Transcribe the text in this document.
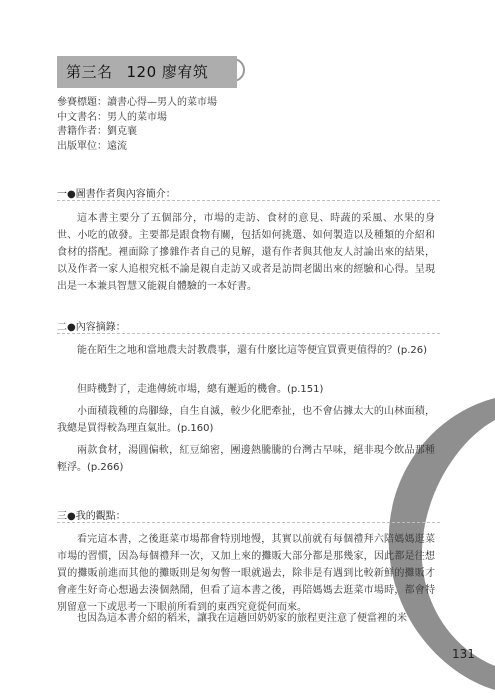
第三名 120 廖宥筑
參賽標題：讀書心得—男人的菜市場
中文書名：男人的菜市場
書籍作者：劉克襄
出版單位：遠流
一●圖書作者與內容簡介：
這本書主要分了五個部分，市場的走訪、食材的意見、時蔬的采風、水果的身世、小吃的啟發。主要都是跟食物有關，包括如何挑選、如何製造以及種類的介紹和食材的搭配。裡面除了摻雜作者自己的見解，還有作者與其他友人討論出來的結果，以及作者一家人追根究柢不論是親自走訪又或者是訪問老闆出來的經驗和心得。呈現出是一本兼具智慧又能親自體驗的一本好書。
二●內容摘錄：
能在陌生之地和當地農夫討教農事，還有什麼比這等便宜買賣更值得的？(p.26)
但時機對了，走進傳統市場，總有邂逅的機會。(p.151)
小面積栽種的烏腳綠，自生自滅，較少化肥牽扯，也不會佔據太大的山林面積，我總是買得較為理直氣壯。(p.160)
兩款食材，湯圓偏軟，紅豆綿密，團邊熱騰騰的台灣古早味，絕非現今飲品那種輕浮。(p.266)
三●我的觀點：
看完這本書，之後逛菜市場都會特別地慢，其實以前就有每個禮拜六陪媽媽逛菜市場的習慣，因為每個禮拜一次，又加上來的攤販大部分都是那幾家，因此都是往想買的攤販前進而其他的攤販則是匆匆瞥一眼就過去，除非是有遇到比較新鮮的攤販才會產生好奇心想過去湊個熱鬧，但看了這本書之後，再陪媽媽去逛菜市場時，都會特別留意一下或思考一下眼前所看到的東西究竟從何而來。
也因為這本書介紹的稻米，讓我在這趟回奶奶家的旅程更注意了便當裡的米
131
